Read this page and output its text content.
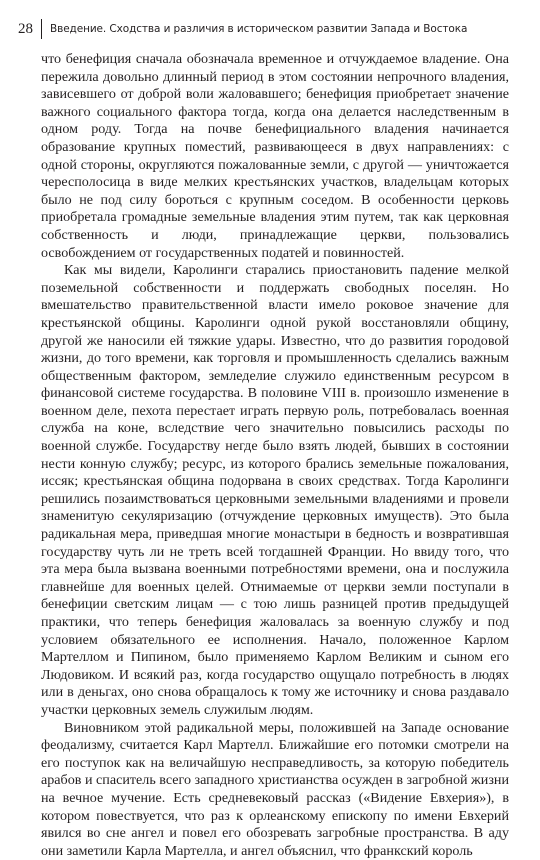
28	Введение. Сходства и различия в историческом развитии Запада и Востока

что бенефиция сначала обозначала временное и отчуждаемое владение. Она пережила довольно длинный период в этом состоянии непрочного владения, зависевшего от доброй воли жаловавшего; бенефиция приобретает значение важного социального фактора тогда, когда она делается наследственным в одном роду. Тогда на почве бенефициального владения начинается образование крупных поместий, развивающееся в двух направлениях: с одной стороны, округляются пожалованные земли, с другой — уничтожается чересполосица в виде мелких крестьянских участков, владельцам которых было не под силу бороться с крупным соседом. В особенности церковь приобретала громадные земельные владения этим путем, так как церковная собственность и люди, принадлежащие церкви, пользовались освобождением от государственных податей и повинностей.

Как мы видели, Каролинги старались приостановить падение мелкой поземельной собственности и поддержать свободных поселян. Но вмешательство правительственной власти имело роковое значение для крестьянской общины. Каролинги одной рукой восстановляли общину, другой же наносили ей тяжкие удары. Известно, что до развития городовой жизни, до того времени, как торговля и промышленность сделались важным общественным фактором, земледелие служило единственным ресурсом в финансовой системе государства. В половине VIII в. произошло изменение в военном деле, пехота перестает играть первую роль, потребовалась военная служба на коне, вследствие чего значительно повысились расходы по военной службе. Государству негде было взять людей, бывших в состоянии нести конную службу; ресурс, из которого брались земельные пожалования, иссяк; крестьянская община подорвана в своих средствах. Тогда Каролинги решились позаимствоваться церковными земельными владениями и провели знаменитую секуляризацию (отчуждение церковных имуществ). Это была радикальная мера, приведшая многие монастыри в бедность и возвратившая государству чуть ли не треть всей тогдашней Франции. Но ввиду того, что эта мера была вызвана военными потребностями времени, она и послужила главнейше для военных целей. Отнимаемые от церкви земли поступали в бенефиции светским лицам — с тою лишь разницей против предыдущей практики, что теперь бенефиция жаловалась за военную службу и под условием обязательного ее исполнения. Начало, положенное Карлом Мартеллом и Пипином, было применяемо Карлом Великим и сыном его Людовиком. И всякий раз, когда государство ощущало потребность в людях или в деньгах, оно снова обращалось к тому же источнику и снова раздавало участки церковных земель служилым людям.

Виновником этой радикальной меры, положившей на Западе основание феодализму, считается Карл Мартелл. Ближайшие его потомки смотрели на его поступок как на величайшую несправедливость, за которую победитель арабов и спаситель всего западного христианства осужден в загробной жизни на вечное мучение. Есть средневековый рассказ («Видение Евхерия»), в котором повествуется, что раз к орлеанскому епископу по имени Евхерий явился во сне ангел и повел его обозревать загробные пространства. В аду они заметили Карла Мартелла, и ангел объяснил, что франкский король
